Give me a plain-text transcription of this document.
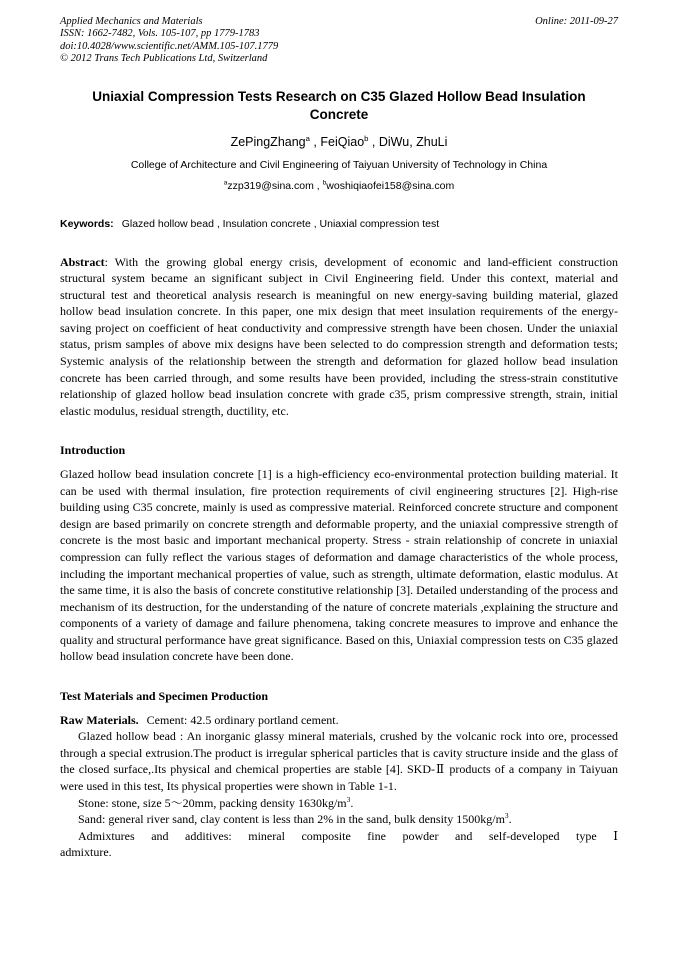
Applied Mechanics and Materials
ISSN: 1662-7482, Vols. 105-107, pp 1779-1783
doi:10.4028/www.scientific.net/AMM.105-107.1779
© 2012 Trans Tech Publications Ltd, Switzerland
Online: 2011-09-27
Uniaxial Compression Tests Research on C35 Glazed Hollow Bead Insulation Concrete
ZePingZhang$^a$ , FeiQiao$^b$ , DiWu, ZhuLi
College of Architecture and Civil Engineering of Taiyuan University of Technology in China
$^a$zzp319@sina.com , $^b$woshiqiaofei158@sina.com
Keywords: Glazed hollow bead , Insulation concrete , Uniaxial compression test

Abstract: With the growing global energy crisis, development of economic and land-efficient construction structural system became an significant subject in Civil Engineering field. Under this context, material and structural test and theoretical analysis research is meaningful on new energy-saving building material, glazed hollow bead insulation concrete. In this paper, one mix design that meet insulation requirements of the energy-saving project on coefficient of heat conductivity and compressive strength have been chosen. Under the uniaxial status, prism samples of above mix designs have been selected to do compression strength and deformation tests; Systemic analysis of the relationship between the strength and deformation for glazed hollow bead insulation concrete has been carried through, and some results have been provided, including the stress-strain constitutive relationship of glazed hollow bead insulation concrete with grade c35, prism compressive strength, strain, initial elastic modulus, residual strength, ductility, etc.

Introduction

Glazed hollow bead insulation concrete [1] is a high-efficiency eco-environmental protection building material. It can be used with thermal insulation, fire protection requirements of civil engineering structures [2]. High-rise building using C35 concrete, mainly is used as compressive material. Reinforced concrete structure and component design are based primarily on concrete strength and deformable property, and the uniaxial compressive strength of concrete is the most basic and important mechanical property. Stress - strain relationship of concrete in uniaxial compression can fully reflect the various stages of deformation and damage characteristics of the whole process, including the important mechanical properties of value, such as strength, ultimate deformation, elastic modulus. At the same time, it is also the basis of concrete constitutive relationship [3]. Detailed understanding of the process and mechanism of its destruction, for the understanding of the nature of concrete materials ,explaining the structure and components of a variety of damage and failure phenomena, taking concrete measures to improve and enhance the quality and structural performance have great significance. Based on this, Uniaxial compression tests on C35 glazed hollow bead insulation concrete have been done.

Test Materials and Specimen Production

Raw Materials. Cement: 42.5 ordinary portland cement.

Glazed hollow bead : An inorganic glassy mineral materials, crushed by the volcanic rock into ore, processed through a special extrusion.The product is irregular spherical particles that is cavity structure inside and the glass of the closed surface,.Its physical and chemical properties are stable [4]. SKD-Ⅱ products of a company in Taiyuan were used in this test, Its physical properties were shown in Table 1-1.

Stone: stone, size 5～20mm, packing density $1630kg/m^3$.

Sand: general river sand, clay content is less than 2% in the sand, bulk density $1500kg/m^3$.

Admixtures and additives: mineral composite fine powder and self-developed type Ⅰ
admixture.
